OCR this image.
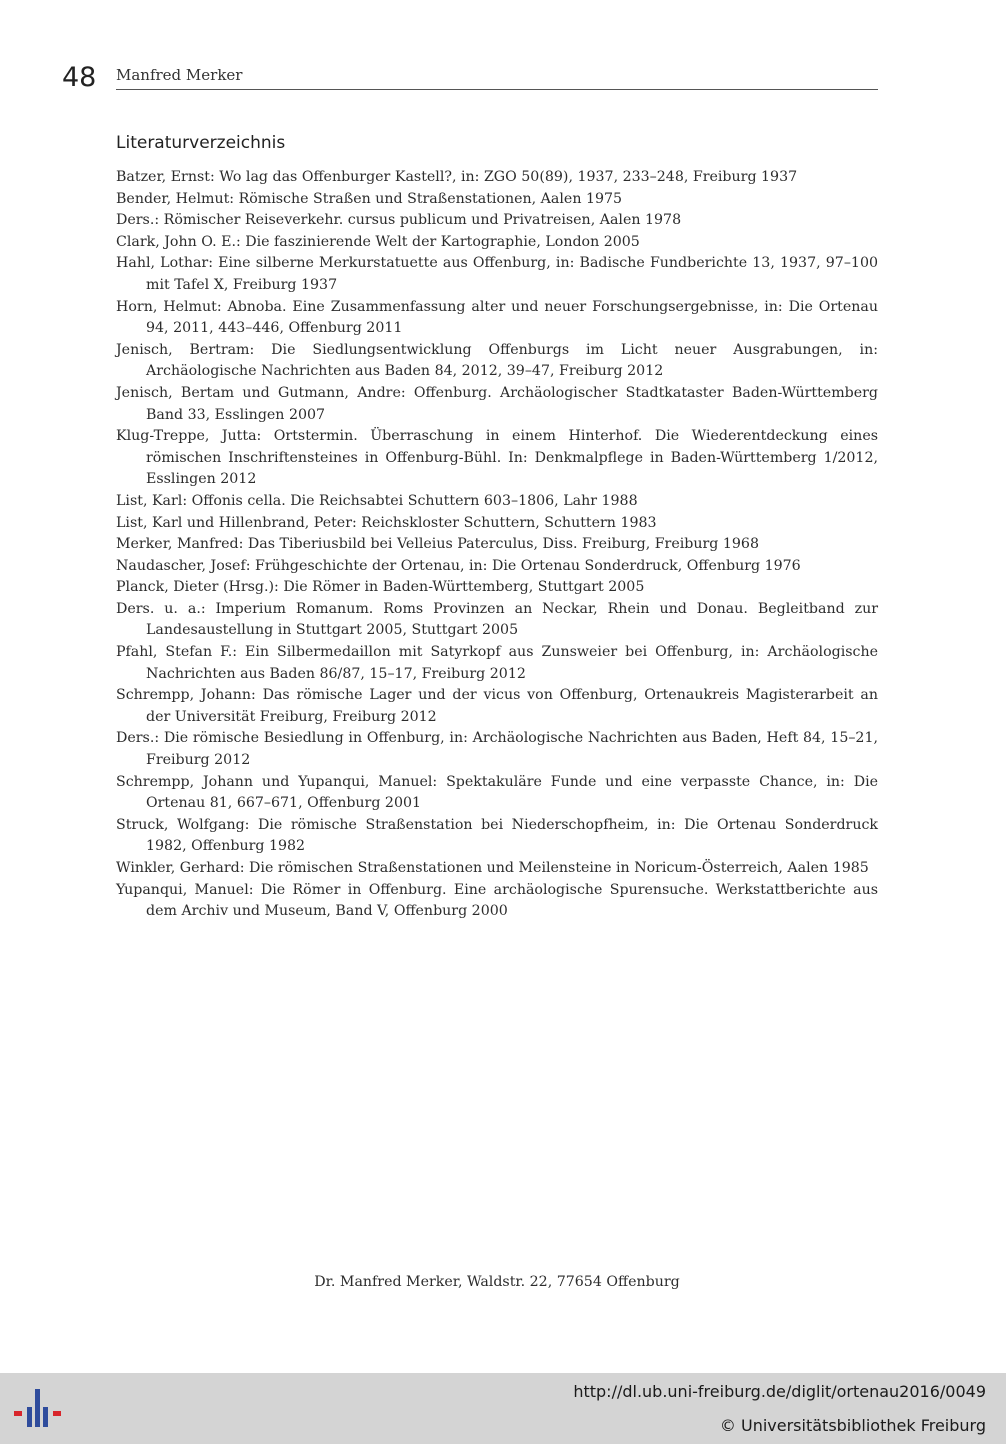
48 Manfred Merker
Literaturverzeichnis
Batzer, Ernst: Wo lag das Offenburger Kastell?, in: ZGO 50(89), 1937, 233–248, Freiburg 1937
Bender, Helmut: Römische Straßen und Straßenstationen, Aalen 1975
Ders.: Römischer Reiseverkehr. cursus publicum und Privatreisen, Aalen 1978
Clark, John O. E.: Die faszinierende Welt der Kartographie, London 2005
Hahl, Lothar: Eine silberne Merkurstatuette aus Offenburg, in: Badische Fundberichte 13, 1937, 97–100 mit Tafel X, Freiburg 1937
Horn, Helmut: Abnoba. Eine Zusammenfassung alter und neuer Forschungsergebnisse, in: Die Ortenau 94, 2011, 443–446, Offenburg 2011
Jenisch, Bertram: Die Siedlungsentwicklung Offenburgs im Licht neuer Ausgrabungen, in: Archäologische Nachrichten aus Baden 84, 2012, 39–47, Freiburg 2012
Jenisch, Bertam und Gutmann, Andre: Offenburg. Archäologischer Stadtkataster Baden-Württemberg Band 33, Esslingen 2007
Klug-Treppe, Jutta: Ortstermin. Überraschung in einem Hinterhof. Die Wiederentdeckung eines römischen Inschriftensteines in Offenburg-Bühl. In: Denkmalpflege in Baden-Württemberg 1/2012, Esslingen 2012
List, Karl: Offonis cella. Die Reichsabtei Schuttern 603–1806, Lahr 1988
List, Karl und Hillenbrand, Peter: Reichskloster Schuttern, Schuttern 1983
Merker, Manfred: Das Tiberiusbild bei Velleius Paterculus, Diss. Freiburg, Freiburg 1968
Naudascher, Josef: Frühgeschichte der Ortenau, in: Die Ortenau Sonderdruck, Offenburg 1976
Planck, Dieter (Hrsg.): Die Römer in Baden-Württemberg, Stuttgart 2005
Ders. u. a.: Imperium Romanum. Roms Provinzen an Neckar, Rhein und Donau. Begleitband zur Landesaustellung in Stuttgart 2005, Stuttgart 2005
Pfahl, Stefan F.: Ein Silbermedaillon mit Satyrkopf aus Zunsweier bei Offenburg, in: Archäologische Nachrichten aus Baden 86/87, 15–17, Freiburg 2012
Schrempp, Johann: Das römische Lager und der vicus von Offenburg, Ortenaukreis Magisterarbeit an der Universität Freiburg, Freiburg 2012
Ders.: Die römische Besiedlung in Offenburg, in: Archäologische Nachrichten aus Baden, Heft 84, 15–21, Freiburg 2012
Schrempp, Johann und Yupanqui, Manuel: Spektakuläre Funde und eine verpasste Chance, in: Die Ortenau 81, 667–671, Offenburg 2001
Struck, Wolfgang: Die römische Straßenstation bei Niederschopfheim, in: Die Ortenau Sonderdruck 1982, Offenburg 1982
Winkler, Gerhard: Die römischen Straßenstationen und Meilensteine in Noricum-Österreich, Aalen 1985
Yupanqui, Manuel: Die Römer in Offenburg. Eine archäologische Spurensuche. Werkstattberichte aus dem Archiv und Museum, Band V, Offenburg 2000
Dr. Manfred Merker, Waldstr. 22, 77654 Offenburg
http://dl.ub.uni-freiburg.de/diglit/ortenau2016/0049
© Universitätsbibliothek Freiburg
